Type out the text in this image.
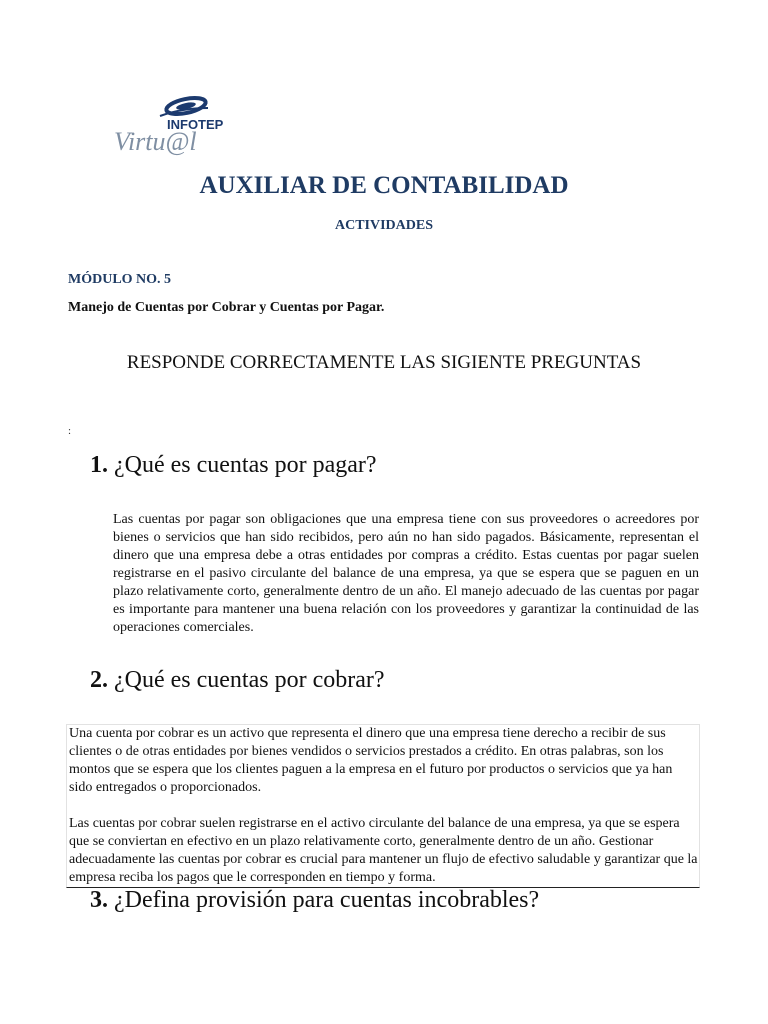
INFOTEP
Virtu@l
AUXILIAR DE CONTABILIDAD
ACTIVIDADES
MÓDULO NO. 5
Manejo de Cuentas por Cobrar y Cuentas por Pagar.
RESPONDE CORRECTAMENTE LAS SIGIENTE PREGUNTAS
:
1. ¿Qué es cuentas por pagar?
Las cuentas por pagar son obligaciones que una empresa tiene con sus proveedores o acreedores por bienes o servicios que han sido recibidos, pero aún no han sido pagados. Básicamente, representan el dinero que una empresa debe a otras entidades por compras a crédito. Estas cuentas por pagar suelen registrarse en el pasivo circulante del balance de una empresa, ya que se espera que se paguen en un plazo relativamente corto, generalmente dentro de un año. El manejo adecuado de las cuentas por pagar es importante para mantener una buena relación con los proveedores y garantizar la continuidad de las operaciones comerciales.
2. ¿Qué es cuentas por cobrar?

Una cuenta por cobrar es un activo que representa el dinero que una empresa tiene derecho a recibir de sus clientes o de otras entidades por bienes vendidos o servicios prestados a crédito. En otras palabras, son los montos que se espera que los clientes paguen a la empresa en el futuro por productos o servicios que ya han sido entregados o proporcionados.

Las cuentas por cobrar suelen registrarse en el activo circulante del balance de una empresa, ya que se espera que se conviertan en efectivo en un plazo relativamente corto, generalmente dentro de un año. Gestionar adecuadamente las cuentas por cobrar es crucial para mantener un flujo de efectivo saludable y garantizar que la empresa reciba los pagos que le corresponden en tiempo y forma.

3. ¿Defina provisión para cuentas incobrables?
